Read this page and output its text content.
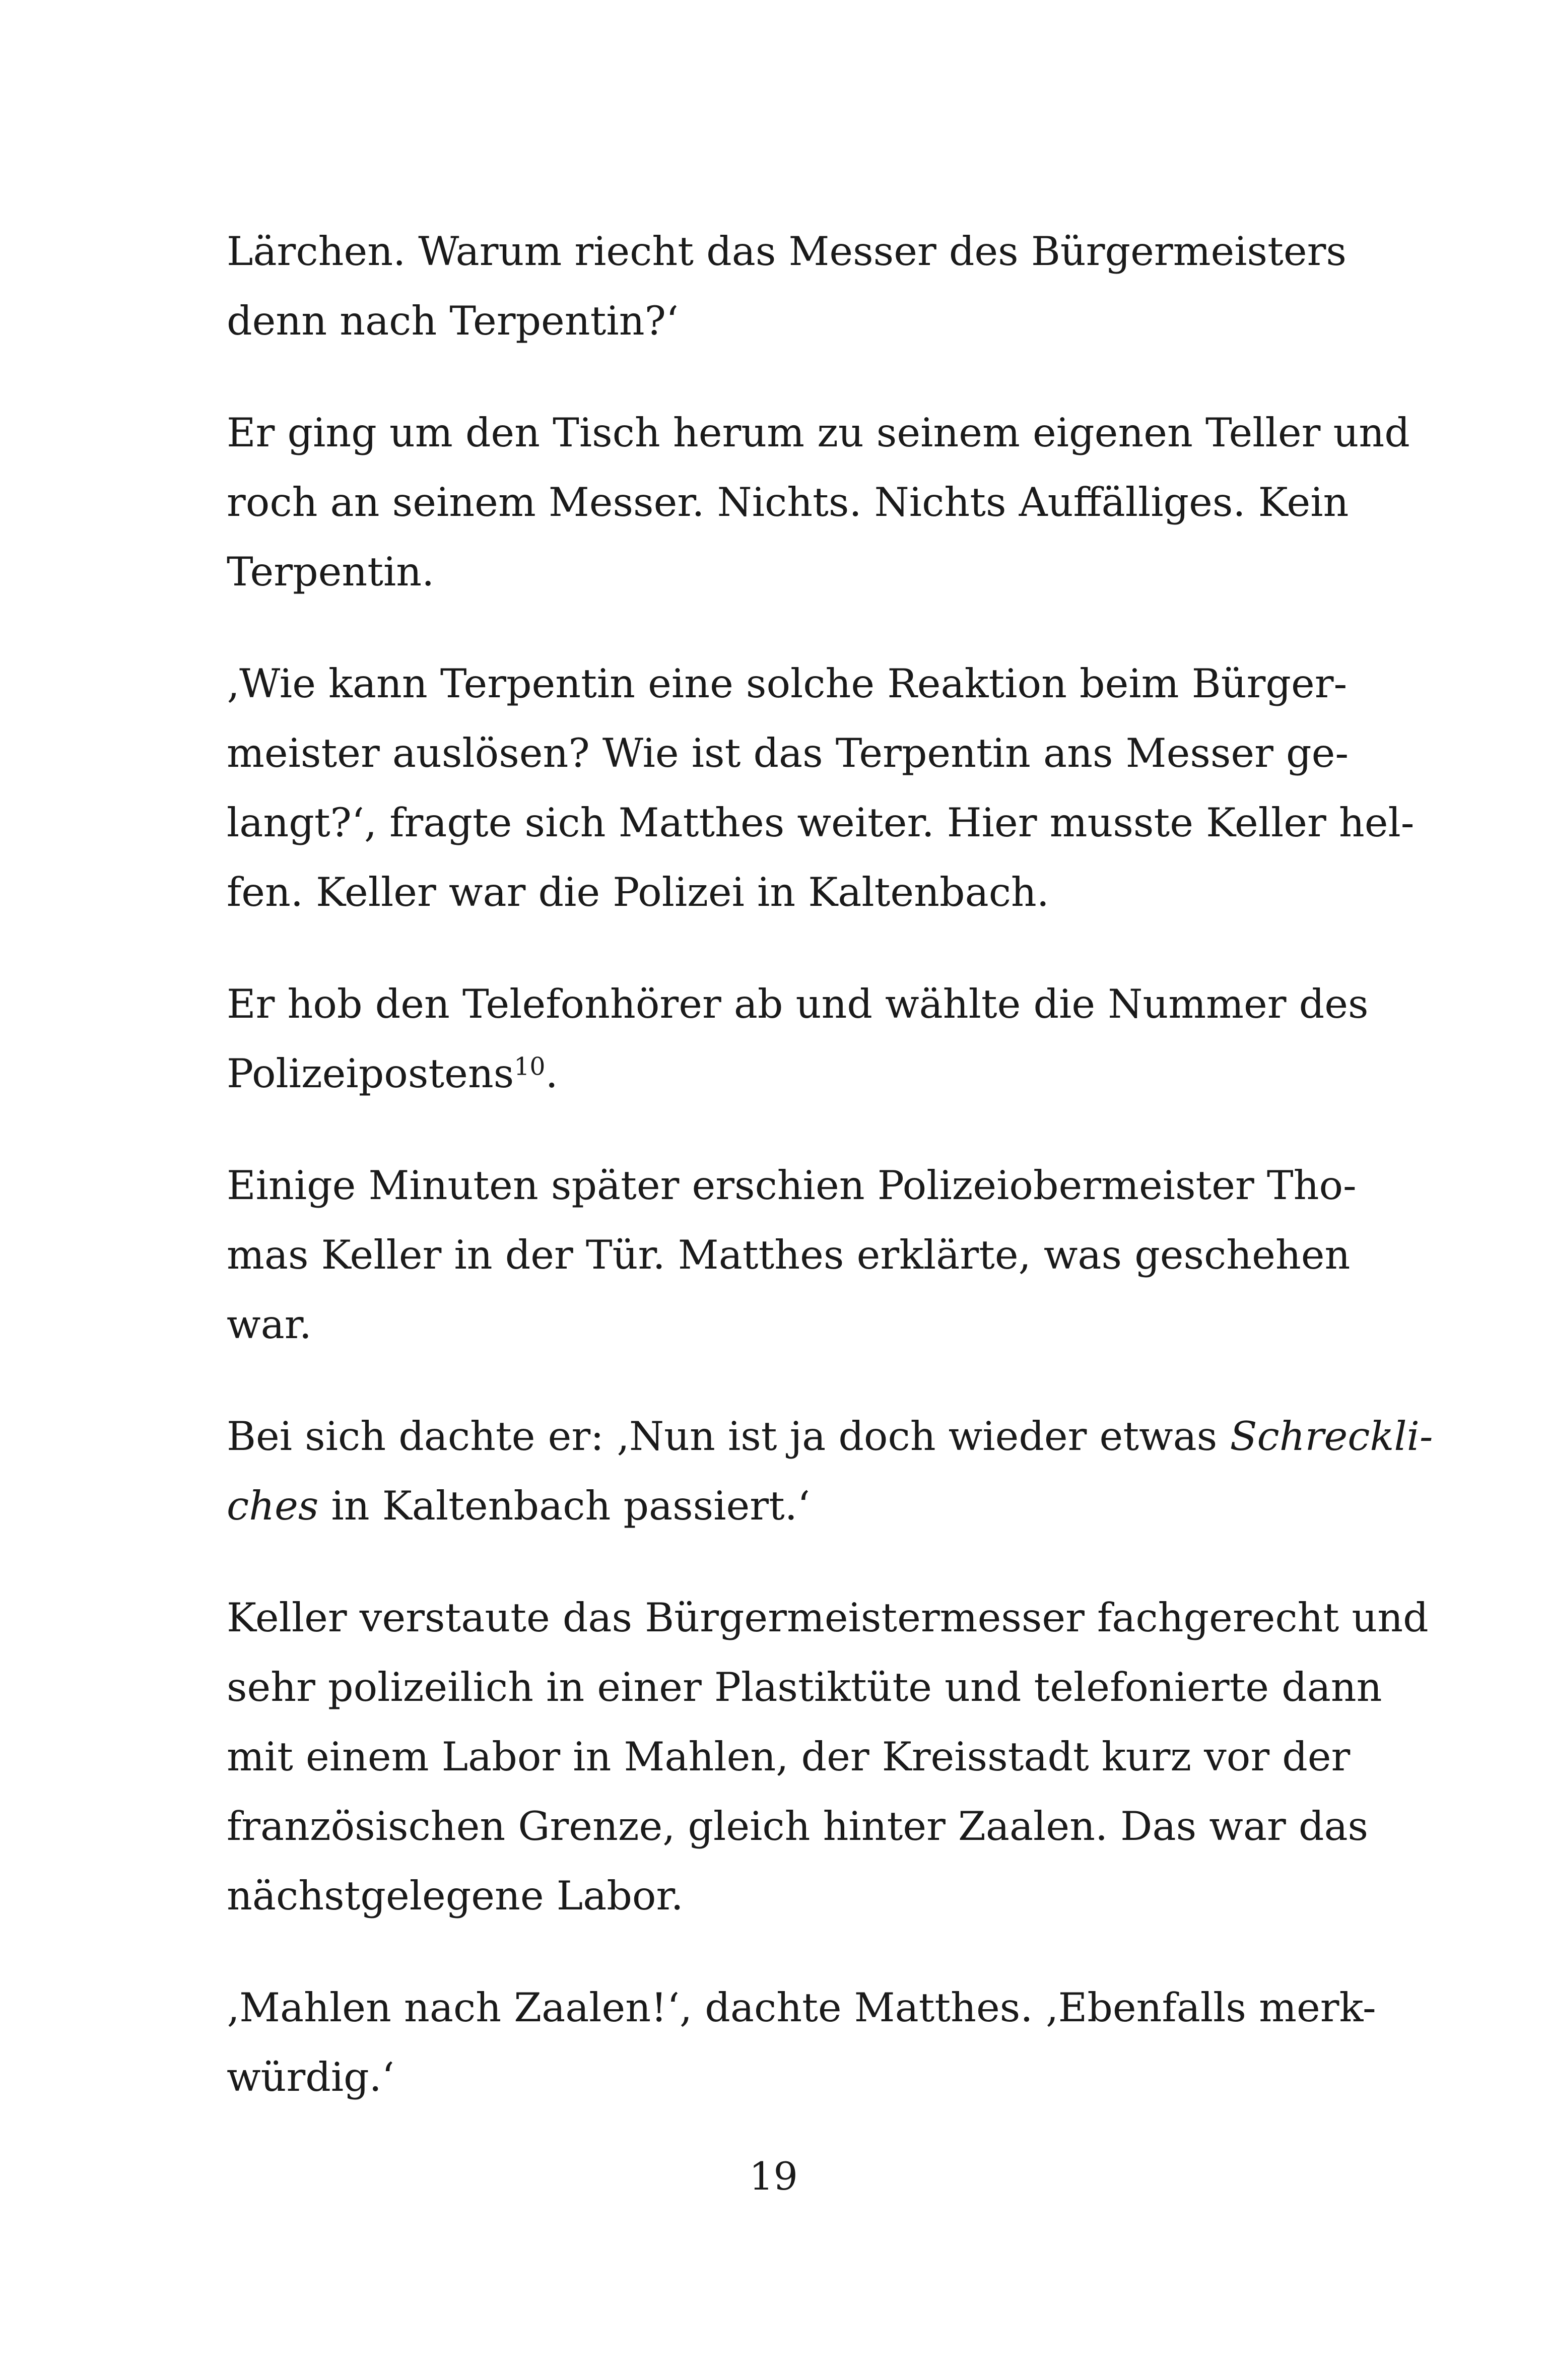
Lärchen. Warum riecht das Messer des Bürgermeisters
denn nach Terpentin?‘

Er ging um den Tisch herum zu seinem eigenen Teller und
roch an seinem Messer. Nichts. Nichts Auffälliges. Kein
Terpentin.

‚Wie kann Terpentin eine solche Reaktion beim Bürger-
meister auslösen? Wie ist das Terpentin ans Messer ge-
langt?‘, fragte sich Matthes weiter. Hier musste Keller hel-
fen. Keller war die Polizei in Kaltenbach.

Er hob den Telefonhörer ab und wählte die Nummer des
Polizeipostens$^{10}$.

Einige Minuten später erschien Polizeiobermeister Tho-
mas Keller in der Tür. Matthes erklärte, was geschehen
war.

Bei sich dachte er: ‚Nun ist ja doch wieder etwas Schreckli-
ches in Kaltenbach passiert.‘

Keller verstaute das Bürgermeistermesser fachgerecht und
sehr polizeilich in einer Plastiktüte und telefonierte dann
mit einem Labor in Mahlen, der Kreisstadt kurz vor der
französischen Grenze, gleich hinter Zaalen. Das war das
nächstgelegene Labor.

‚Mahlen nach Zaalen!‘, dachte Matthes. ‚Ebenfalls merk-
würdig.‘

19
